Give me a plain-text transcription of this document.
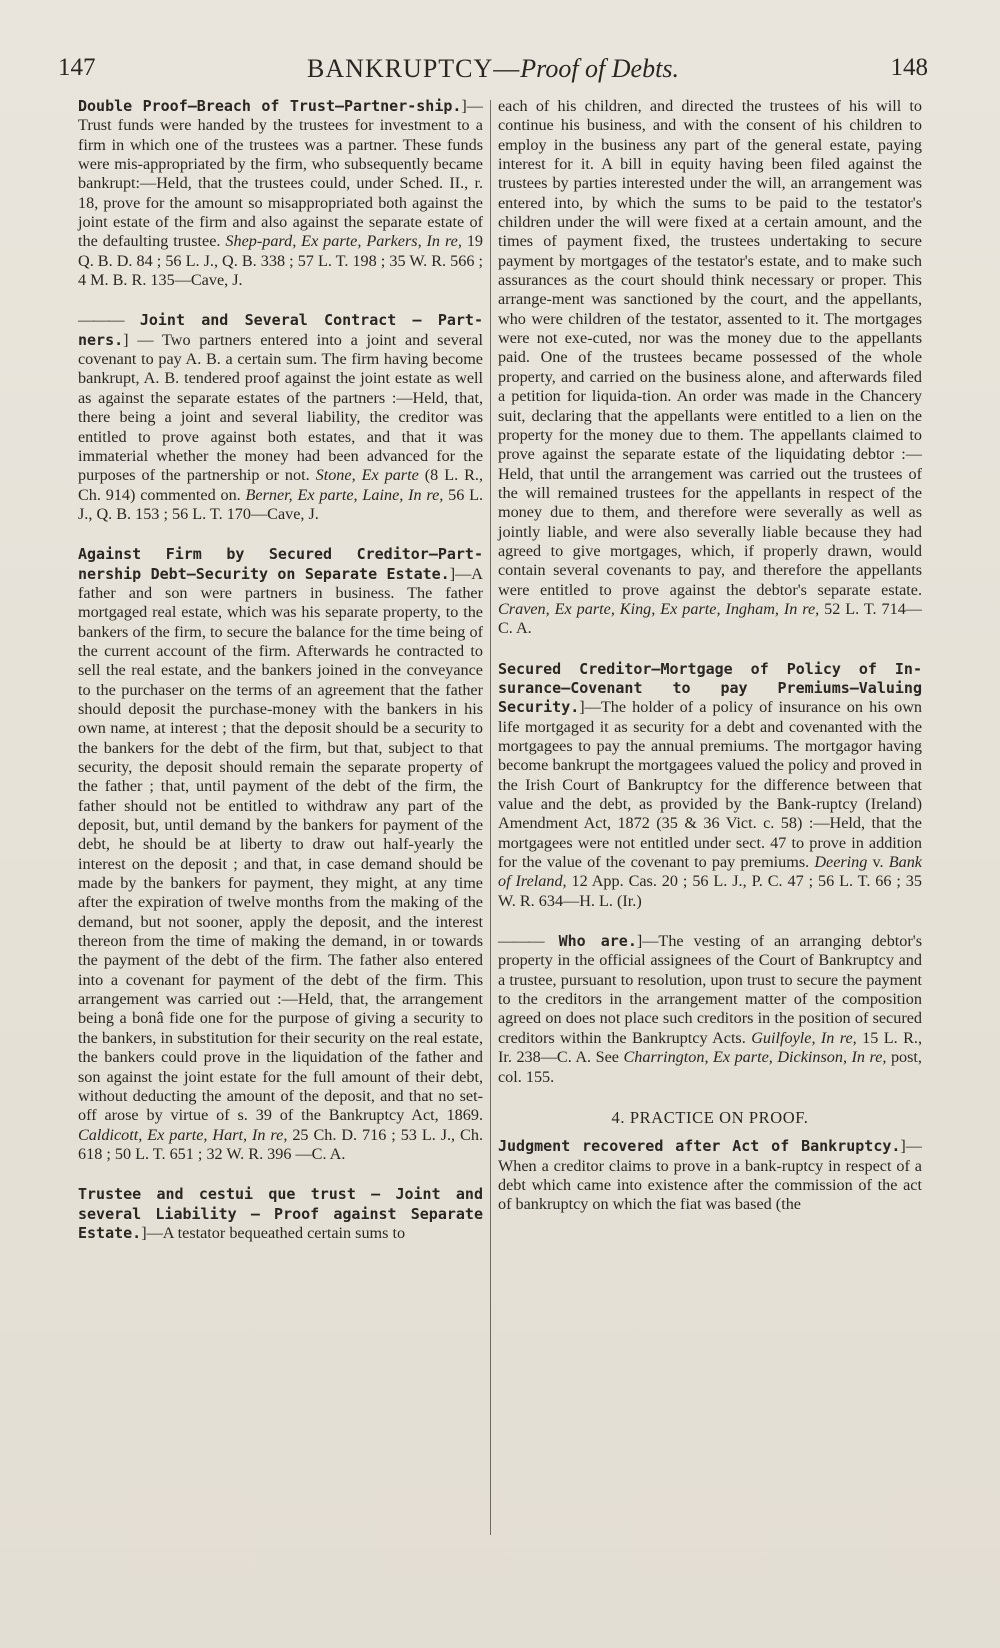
147	BANKRUPTCY—Proof of Debts.	148

Double Proof—Breach of Trust—Partner-ship.]—Trust funds were handed by the trustees for investment to a firm in which one of the trustees was a partner. These funds were mis-appropriated by the firm, who subsequently became bankrupt:—Held, that the trustees could, under Sched. II., r. 18, prove for the amount so misappropriated both against the joint estate of the firm and also against the separate estate of the defaulting trustee. Shep-pard, Ex parte, Parkers, In re, 19 Q. B. D. 84 ; 56 L. J., Q. B. 338 ; 57 L. T. 198 ; 35 W. R. 566 ; 4 M. B. R. 135—Cave, J.

——— Joint and Several Contract — Part-ners.] — Two partners entered into a joint and several covenant to pay A. B. a certain sum. The firm having become bankrupt, A. B. tendered proof against the joint estate as well as against the separate estates of the partners :—Held, that, there being a joint and several liability, the creditor was entitled to prove against both estates, and that it was immaterial whether the money had been advanced for the purposes of the partnership or not. Stone, Ex parte (8 L. R., Ch. 914) commented on. Berner, Ex parte, Laine, In re, 56 L. J., Q. B. 153 ; 56 L. T. 170—Cave, J.

Against Firm by Secured Creditor—Part-nership Debt—Security on Separate Estate.]—A father and son were partners in business. The father mortgaged real estate, which was his separate property, to the bankers of the firm, to secure the balance for the time being of the current account of the firm. Afterwards he contracted to sell the real estate, and the bankers joined in the conveyance to the purchaser on the terms of an agreement that the father should deposit the purchase-money with the bankers in his own name, at interest ; that the deposit should be a security to the bankers for the debt of the firm, but that, subject to that security, the deposit should remain the separate property of the father ; that, until payment of the debt of the firm, the father should not be entitled to withdraw any part of the deposit, but, until demand by the bankers for payment of the debt, he should be at liberty to draw out half-yearly the interest on the deposit ; and that, in case demand should be made by the bankers for payment, they might, at any time after the expiration of twelve months from the making of the demand, but not sooner, apply the deposit, and the interest thereon from the time of making the demand, in or towards the payment of the debt of the firm. The father also entered into a covenant for payment of the debt of the firm. This arrangement was carried out :—Held, that, the arrangement being a bonâ fide one for the purpose of giving a security to the bankers, in substitution for their security on the real estate, the bankers could prove in the liquidation of the father and son against the joint estate for the full amount of their debt, without deducting the amount of the deposit, and that no set-off arose by virtue of s. 39 of the Bankruptcy Act, 1869. Caldicott, Ex parte, Hart, In re, 25 Ch. D. 716 ; 53 L. J., Ch. 618 ; 50 L. T. 651 ; 32 W. R. 396 —C. A.

Trustee and cestui que trust — Joint and several Liability — Proof against Separate Estate.]—A testator bequeathed certain sums to

each of his children, and directed the trustees of his will to continue his business, and with the consent of his children to employ in the business any part of the general estate, paying interest for it. A bill in equity having been filed against the trustees by parties interested under the will, an arrangement was entered into, by which the sums to be paid to the testator's children under the will were fixed at a certain amount, and the times of payment fixed, the trustees undertaking to secure payment by mortgages of the testator's estate, and to make such assurances as the court should think necessary or proper. This arrange-ment was sanctioned by the court, and the appellants, who were children of the testator, assented to it. The mortgages were not exe-cuted, nor was the money due to the appellants paid. One of the trustees became possessed of the whole property, and carried on the business alone, and afterwards filed a petition for liquida-tion. An order was made in the Chancery suit, declaring that the appellants were entitled to a lien on the property for the money due to them. The appellants claimed to prove against the separate estate of the liquidating debtor :—Held, that until the arrangement was carried out the trustees of the will remained trustees for the appellants in respect of the money due to them, and therefore were severally as well as jointly liable, and were also severally liable because they had agreed to give mortgages, which, if properly drawn, would contain several covenants to pay, and therefore the appellants were entitled to prove against the debtor's separate estate. Craven, Ex parte, King, Ex parte, Ingham, In re, 52 L. T. 714—C. A.

Secured Creditor—Mortgage of Policy of In-surance—Covenant to pay Premiums—Valuing Security.]—The holder of a policy of insurance on his own life mortgaged it as security for a debt and covenanted with the mortgagees to pay the annual premiums. The mortgagor having become bankrupt the mortgagees valued the policy and proved in the Irish Court of Bankruptcy for the difference between that value and the debt, as provided by the Bank-ruptcy (Ireland) Amendment Act, 1872 (35 & 36 Vict. c. 58) :—Held, that the mortgagees were not entitled under sect. 47 to prove in addition for the value of the covenant to pay premiums. Deering v. Bank of Ireland, 12 App. Cas. 20 ; 56 L. J., P. C. 47 ; 56 L. T. 66 ; 35 W. R. 634—H. L. (Ir.)

——— Who are.]—The vesting of an arranging debtor's property in the official assignees of the Court of Bankruptcy and a trustee, pursuant to resolution, upon trust to secure the payment to the creditors in the arrangement matter of the composition agreed on does not place such creditors in the position of secured creditors within the Bankruptcy Acts. Guilfoyle, In re, 15 L. R., Ir. 238—C. A. See Charrington, Ex parte, Dickinson, In re, post, col. 155.

4. PRACTICE ON PROOF.

Judgment recovered after Act of Bankruptcy.]—When a creditor claims to prove in a bank-ruptcy in respect of a debt which came into existence after the commission of the act of bankruptcy on which the fiat was based (the
